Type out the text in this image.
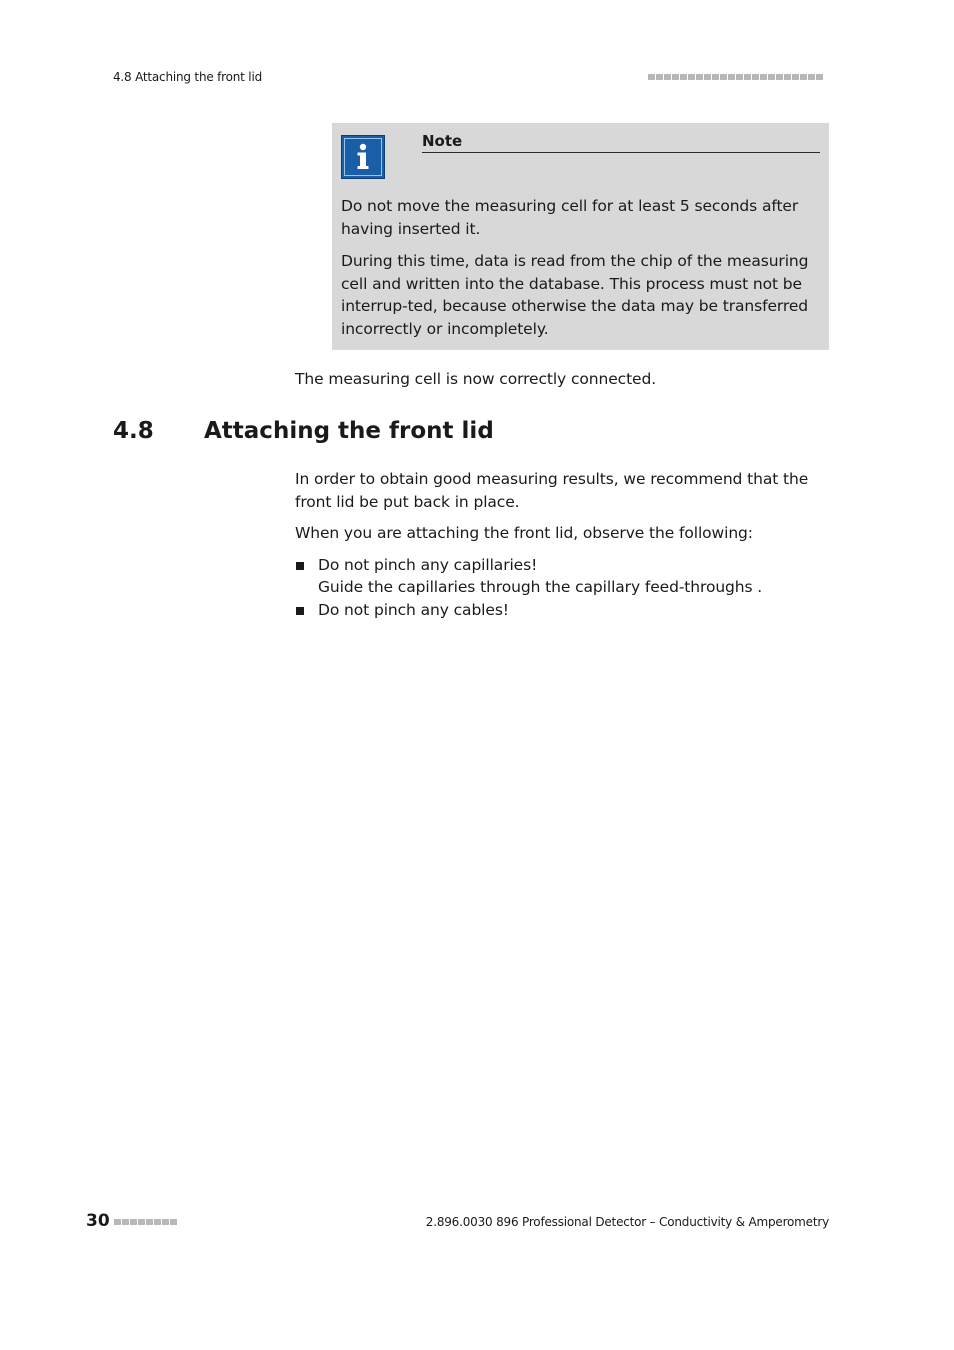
4.8 Attaching the front lid
Note
Do not move the measuring cell for at least 5 seconds after having inserted it.
During this time, data is read from the chip of the measuring cell and written into the database. This process must not be interrup-ted, because otherwise the data may be transferred incorrectly or incompletely.
The measuring cell is now correctly connected.
4.8 Attaching the front lid
In order to obtain good measuring results, we recommend that the front lid be put back in place.
When you are attaching the front lid, observe the following:
Do not pinch any capillaries!
Guide the capillaries through the capillary feed-throughs .
Do not pinch any cables!
30	2.896.0030 896 Professional Detector – Conductivity & Amperometry
